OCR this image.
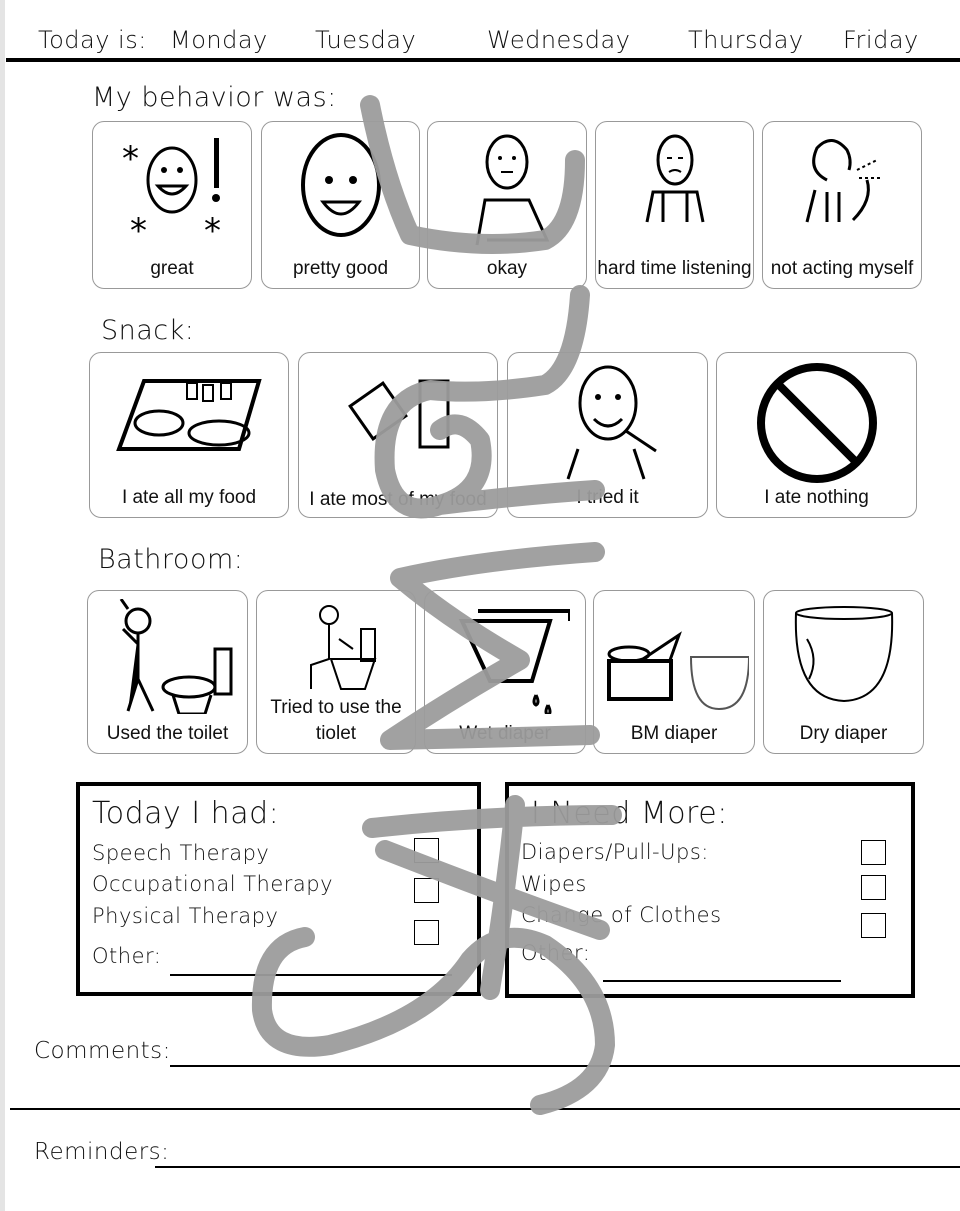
Today is: Monday Tuesday	Wednesday Thursday Friday
My behavior was:
*
* *
great	pretty good	okay	hard time listening	not acting myself
Snack:
I ate all my food	I ate most of my food	I tried it	I ate nothing
Bathroom:
Used the toilet
Tried to use the tiolet	Wet diaper	BM diaper	Dry diaper
Today I had:
Speech Therapy
Occupational Therapy
Physical Therapy
Other:
I Need More:
Diapers/Pull-Ups:
Wipes
Change of Clothes
Other:
Comments:
Reminders:
